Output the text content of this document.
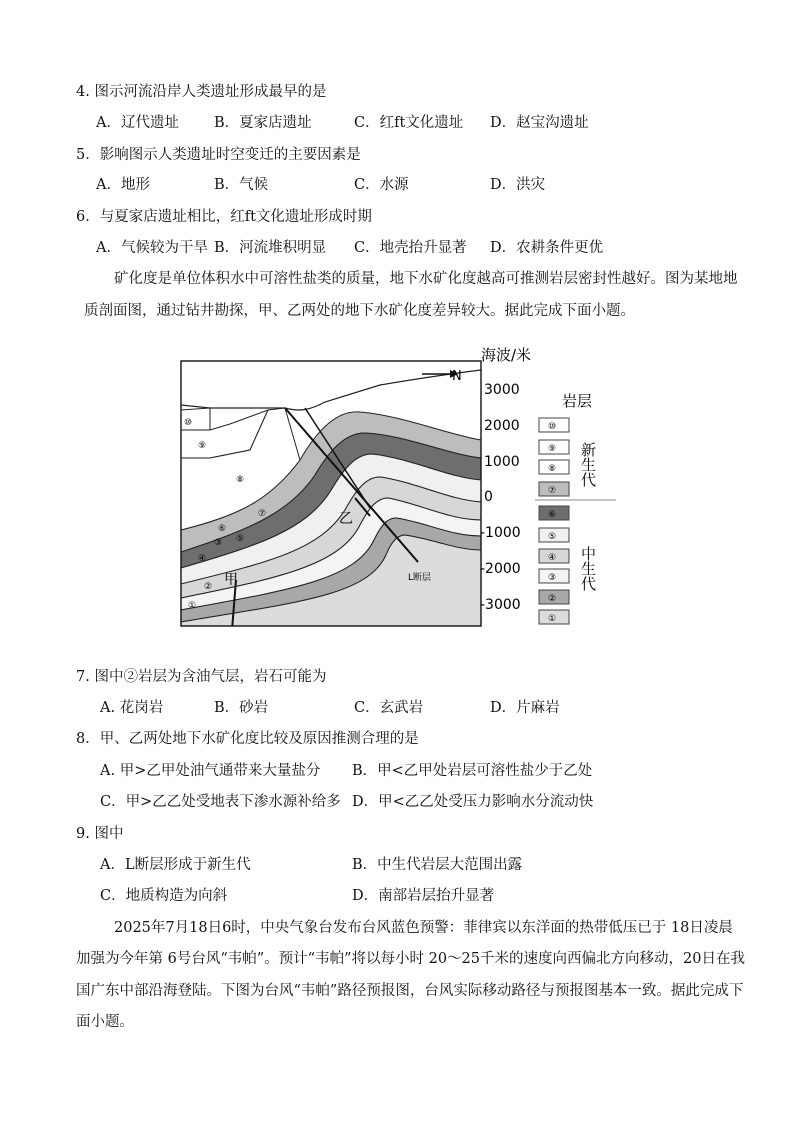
4. 图示河流沿岸人类遗址形成最早的是
A．辽代遗址 B．夏家店遗址	C．红ft文化遗址 D．赵宝沟遗址
5．影响图示人类遗址时空变迁的主要因素是
A．地形	B．气候	C．水源	D．洪灾
6．与夏家店遗址相比，红ft文化遗址形成时期
A．气候较为干旱 B．河流堆积明显 C．地壳抬升显著 D．农耕条件更优
矿化度是单位体积水中可溶性盐类的质量，地下水矿化度越高可推测岩层密封性越好。图为某地地
质剖面图，通过钻井勘探，甲、乙两处的地下水矿化度差异较大。据此完成下面小题。
⑩
⑨
⑧
⑦
⑥
⑤
④
③
②
①
甲
乙
L断层
N
海波/米
3000
2000
1000
0
-1000
-2000
-3000
岩层
⑩
⑨
⑧
⑦
⑥
⑤
④
③
②
①
新生代
中生代
7. 图中②岩层为含油气层，岩石可能为
A. 花岗岩	B．砂岩	C．玄武岩	D．片麻岩
8．甲、乙两处地下水矿化度比较及原因推测合理的是
A. 甲>乙甲处油气通带来大量盐分 B．甲<乙甲处岩层可溶性盐少于乙处
C．甲>乙乙处受地表下渗水源补给多 D．甲<乙乙处受压力影响水分流动快
9. 图中
A．L断层形成于新生代	B．中生代岩层大范围出露
C．地质构造为向斜	D．南部岩层抬升显著
2025年7月18日6时，中央气象台发布台风蓝色预警：菲律宾以东洋面的热带低压已于 18日凌晨
加强为今年第 6号台风“韦帕”。预计“韦帕”将以每小时 20～25千米的速度向西偏北方向移动，20日在我
国广东中部沿海登陆。下图为台风“韦帕”路径预报图，台风实际移动路径与预报图基本一致。据此完成下
面小题。
